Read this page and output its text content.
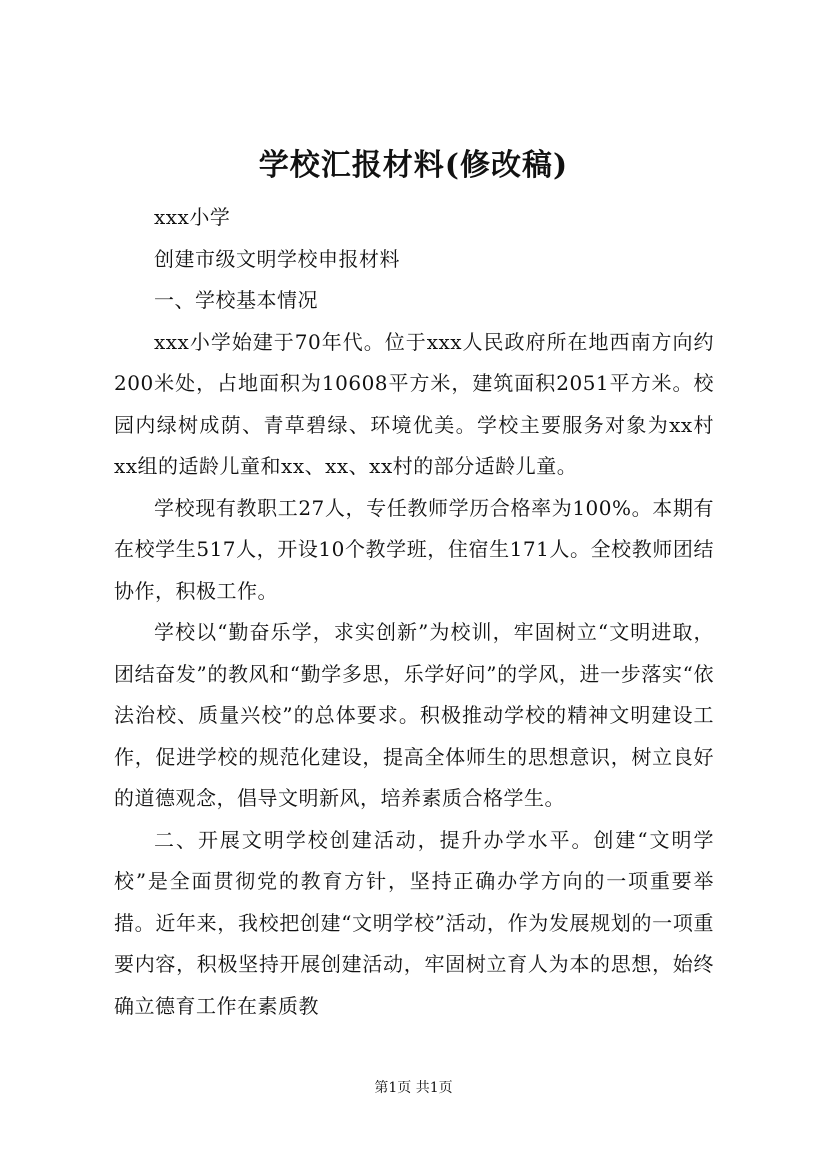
学校汇报材料(修改稿)

xxx小学

创建市级文明学校申报材料

一、学校基本情况

xxx小学始建于70年代。位于xxx人民政府所在地西南方向约200米处，占地面积为10608平方米，建筑面积2051平方米。校园内绿树成荫、青草碧绿、环境优美。学校主要服务对象为xx村xx组的适龄儿童和xx、xx、xx村的部分适龄儿童。

学校现有教职工27人，专任教师学历合格率为100%。本期有在校学生517人，开设10个教学班，住宿生171人。全校教师团结协作，积极工作。

学校以“勤奋乐学，求实创新”为校训，牢固树立“文明进取，团结奋发”的教风和“勤学多思，乐学好问”的学风，进一步落实“依法治校、质量兴校”的总体要求。积极推动学校的精神文明建设工作，促进学校的规范化建设，提高全体师生的思想意识，树立良好的道德观念，倡导文明新风，培养素质合格学生。

二、开展文明学校创建活动，提升办学水平。创建“文明学校”是全面贯彻党的教育方针，坚持正确办学方向的一项重要举措。近年来，我校把创建“文明学校”活动，作为发展规划的一项重要内容，积极坚持开展创建活动，牢固树立育人为本的思想，始终确立德育工作在素质教

第1页 共1页
